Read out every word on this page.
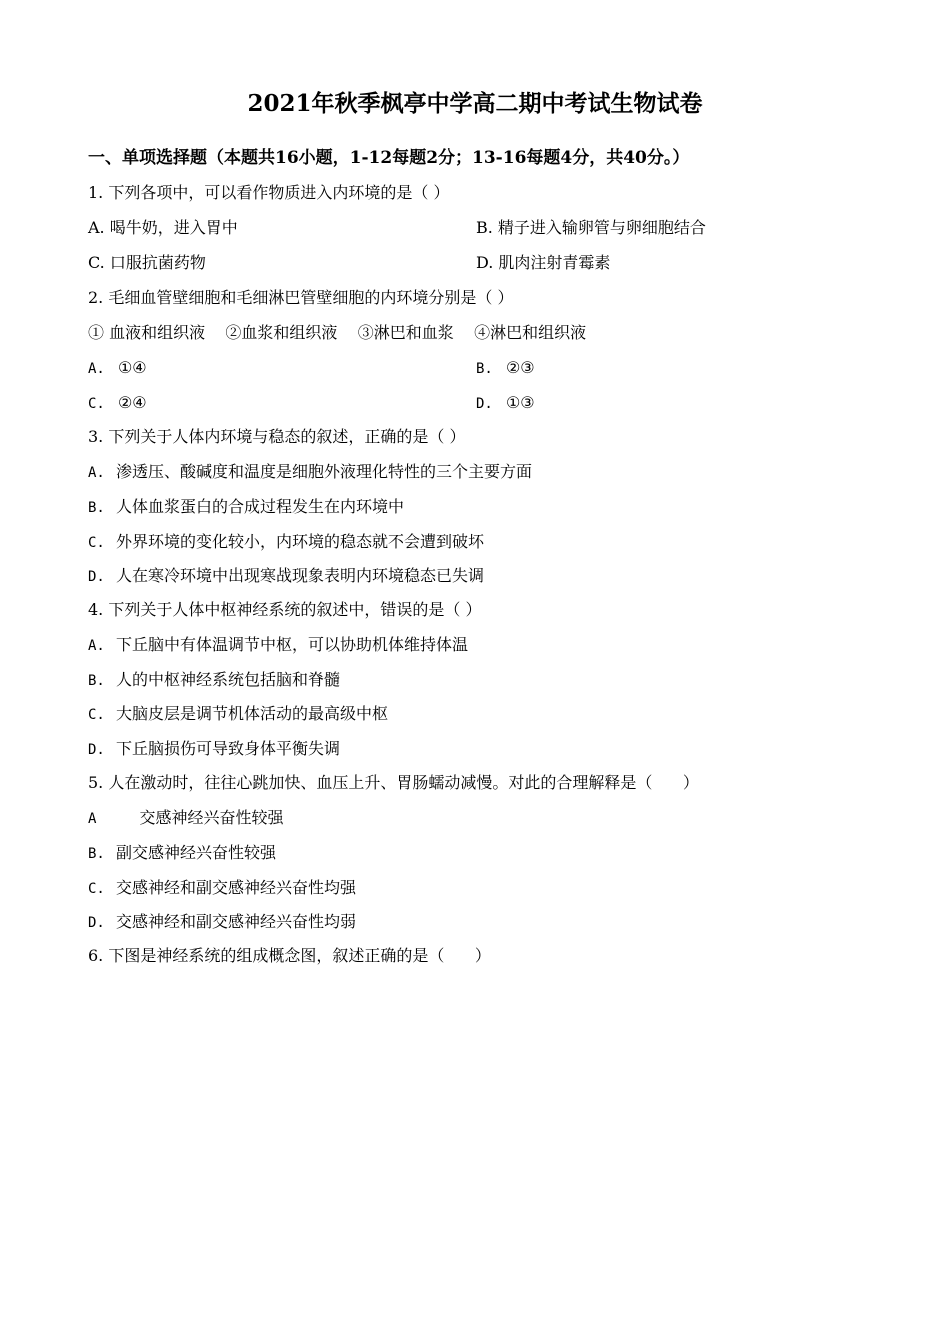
2021年秋季枫亭中学高二期中考试生物试卷
一、单项选择题（本题共16小题，1-12每题2分；13-16每题4分，共40分。）
1. 下列各项中，可以看作物质进入内环境的是（ ）
A. 喝牛奶，进入胃中	B. 精子进入输卵管与卵细胞结合
C. 口服抗菌药物	D. 肌肉注射青霉素
2. 毛细血管壁细胞和毛细淋巴管壁细胞的内环境分别是（ ）
① 血液和组织液    ②血浆和组织液    ③淋巴和血浆    ④淋巴和组织液
A. ①④	B. ②③
C. ②④	D. ①③
3. 下列关于人体内环境与稳态的叙述，正确的是（ ）
A. 渗透压、酸碱度和温度是细胞外液理化特性的三个主要方面
B. 人体血浆蛋白的合成过程发生在内环境中
C. 外界环境的变化较小，内环境的稳态就不会遭到破坏
D. 人在寒冷环境中出现寒战现象表明内环境稳态已失调
4. 下列关于人体中枢神经系统的叙述中，错误的是（ ）
A. 下丘脑中有体温调节中枢，可以协助机体维持体温
B. 人的中枢神经系统包括脑和脊髓
C. 大脑皮层是调节机体活动的最高级中枢
D. 下丘脑损伤可导致身体平衡失调
5. 人在激动时，往往心跳加快、血压上升、胃肠蠕动减慢。对此的合理解释是（      ）
A	交感神经兴奋性较强
B. 副交感神经兴奋性较强
C. 交感神经和副交感神经兴奋性均强
D. 交感神经和副交感神经兴奋性均弱
6. 下图是神经系统的组成概念图，叙述正确的是（      ）
